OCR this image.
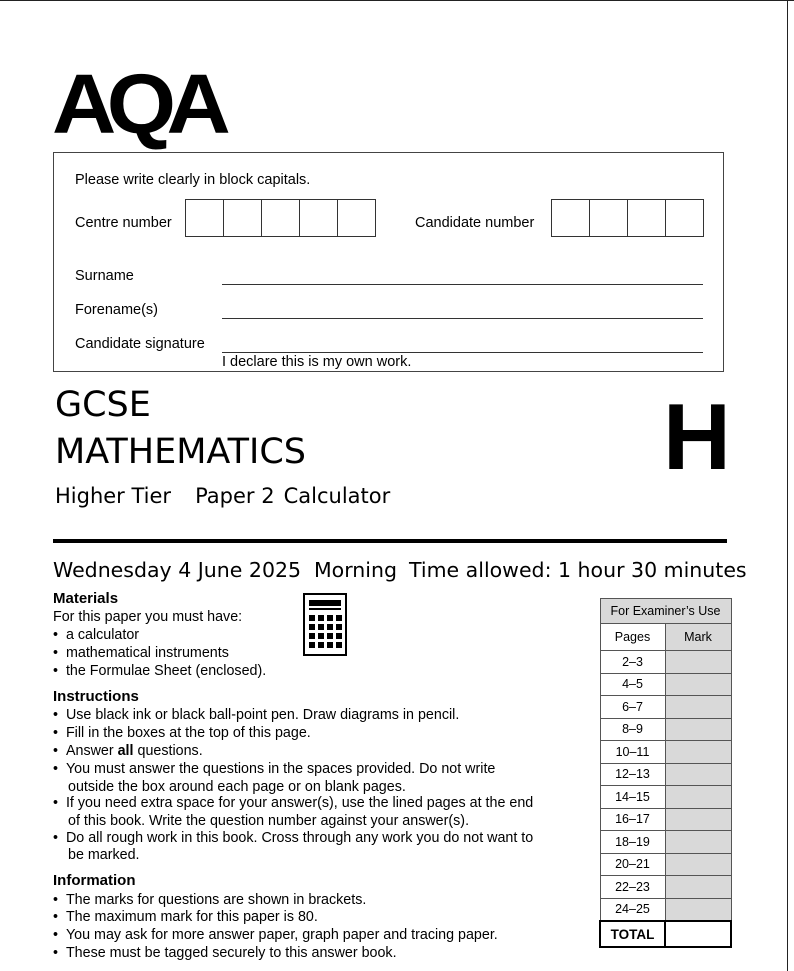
AQA
Please write clearly in block capitals.
Centre number	Candidate number
Surname
Forename(s)
Candidate signature
I declare this is my own work.
GCSE
MATHEMATICS
Higher Tier Paper 2 Calculator
H
Wednesday 4 June 2025 Morning Time allowed: 1 hour 30 minutes
Materials
For this paper you must have:
•  a calculator
•  mathematical instruments
•  the Formulae Sheet (enclosed).
Instructions
•  Use black ink or black ball-point pen. Draw diagrams in pencil.
•  Fill in the boxes at the top of this page.
•  Answer all questions.
•  You must answer the questions in the spaces provided. Do not write
outside the box around each page or on blank pages.
•  If you need extra space for your answer(s), use the lined pages at the end
of this book. Write the question number against your answer(s).
•  Do all rough work in this book. Cross through any work you do not want to
be marked.
Information
•  The marks for questions are shown in brackets.
•  The maximum mark for this paper is 80.
•  You may ask for more answer paper, graph paper and tracing paper.
•  These must be tagged securely to this answer book.
For Examiner’s Use	
Pages	Mark
2–3	
4–5	
6–7	
8–9	
10–11	
12–13	
14–15	
16–17	
18–19	
20–21	
22–23	
24–25	
TOTAL	
